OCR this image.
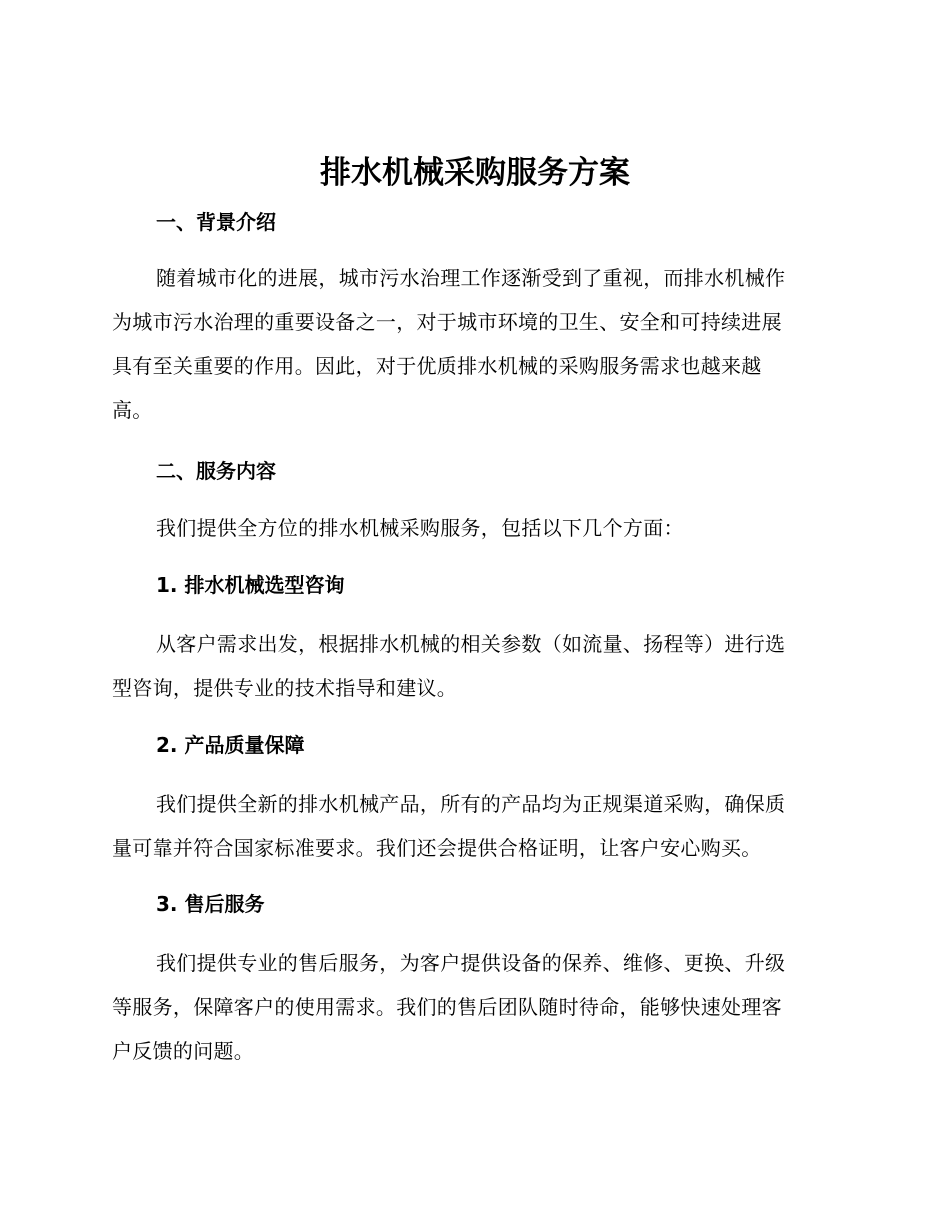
排水机械采购服务方案
一、背景介绍

随着城市化的进展，城市污水治理工作逐渐受到了重视，而排水机械作
为城市污水治理的重要设备之一，对于城市环境的卫生、安全和可持续进展
具有至关重要的作用。因此，对于优质排水机械的采购服务需求也越来越
高。

二、服务内容

我们提供全方位的排水机械采购服务，包括以下几个方面：

1. 排水机械选型咨询

从客户需求出发，根据排水机械的相关参数（如流量、扬程等）进行选
型咨询，提供专业的技术指导和建议。

2. 产品质量保障

我们提供全新的排水机械产品，所有的产品均为正规渠道采购，确保质
量可靠并符合国家标准要求。我们还会提供合格证明，让客户安心购买。

3. 售后服务

我们提供专业的售后服务，为客户提供设备的保养、维修、更换、升级
等服务，保障客户的使用需求。我们的售后团队随时待命，能够快速处理客
户反馈的问题。
